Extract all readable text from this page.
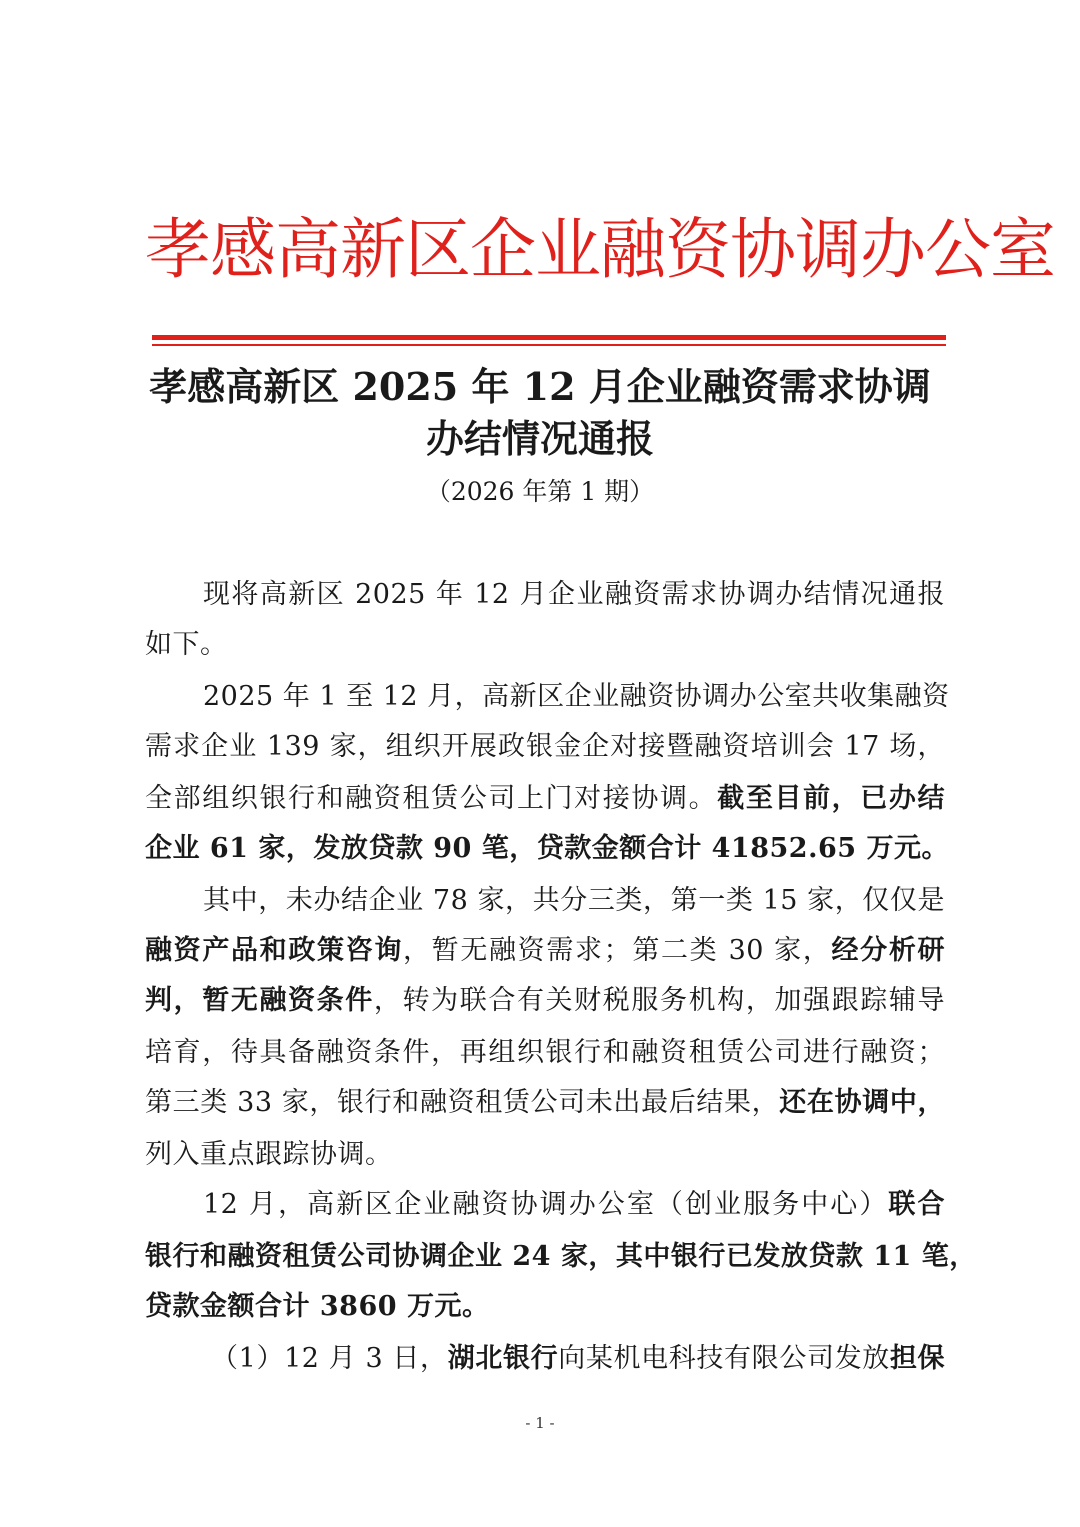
孝感高新区企业融资协调办公室
孝感高新区 2025 年 12 月企业融资需求协调
办结情况通报
（2026 年第 1 期）
现将高新区 2025 年 12 月企业融资需求协调办结情况通报
如下。
2025 年 1 至 12 月，高新区企业融资协调办公室共收集融资
需求企业 139 家，组织开展政银金企对接暨融资培训会 17 场，
全部组织银行和融资租赁公司上门对接协调。截至目前，已办结
企业 61 家，发放贷款 90 笔，贷款金额合计 41852.65 万元。
其中，未办结企业 78 家，共分三类，第一类 15 家，仅仅是
融资产品和政策咨询，暂无融资需求；第二类 30 家，经分析研
判，暂无融资条件，转为联合有关财税服务机构，加强跟踪辅导
培育，待具备融资条件，再组织银行和融资租赁公司进行融资；
第三类 33 家，银行和融资租赁公司未出最后结果，还在协调中，
列入重点跟踪协调。
12 月，高新区企业融资协调办公室（创业服务中心）联合
银行和融资租赁公司协调企业 24 家，其中银行已发放贷款 11 笔，
贷款金额合计 3860 万元。
（1）12 月 3 日，湖北银行向某机电科技有限公司发放担保
- 1 -
